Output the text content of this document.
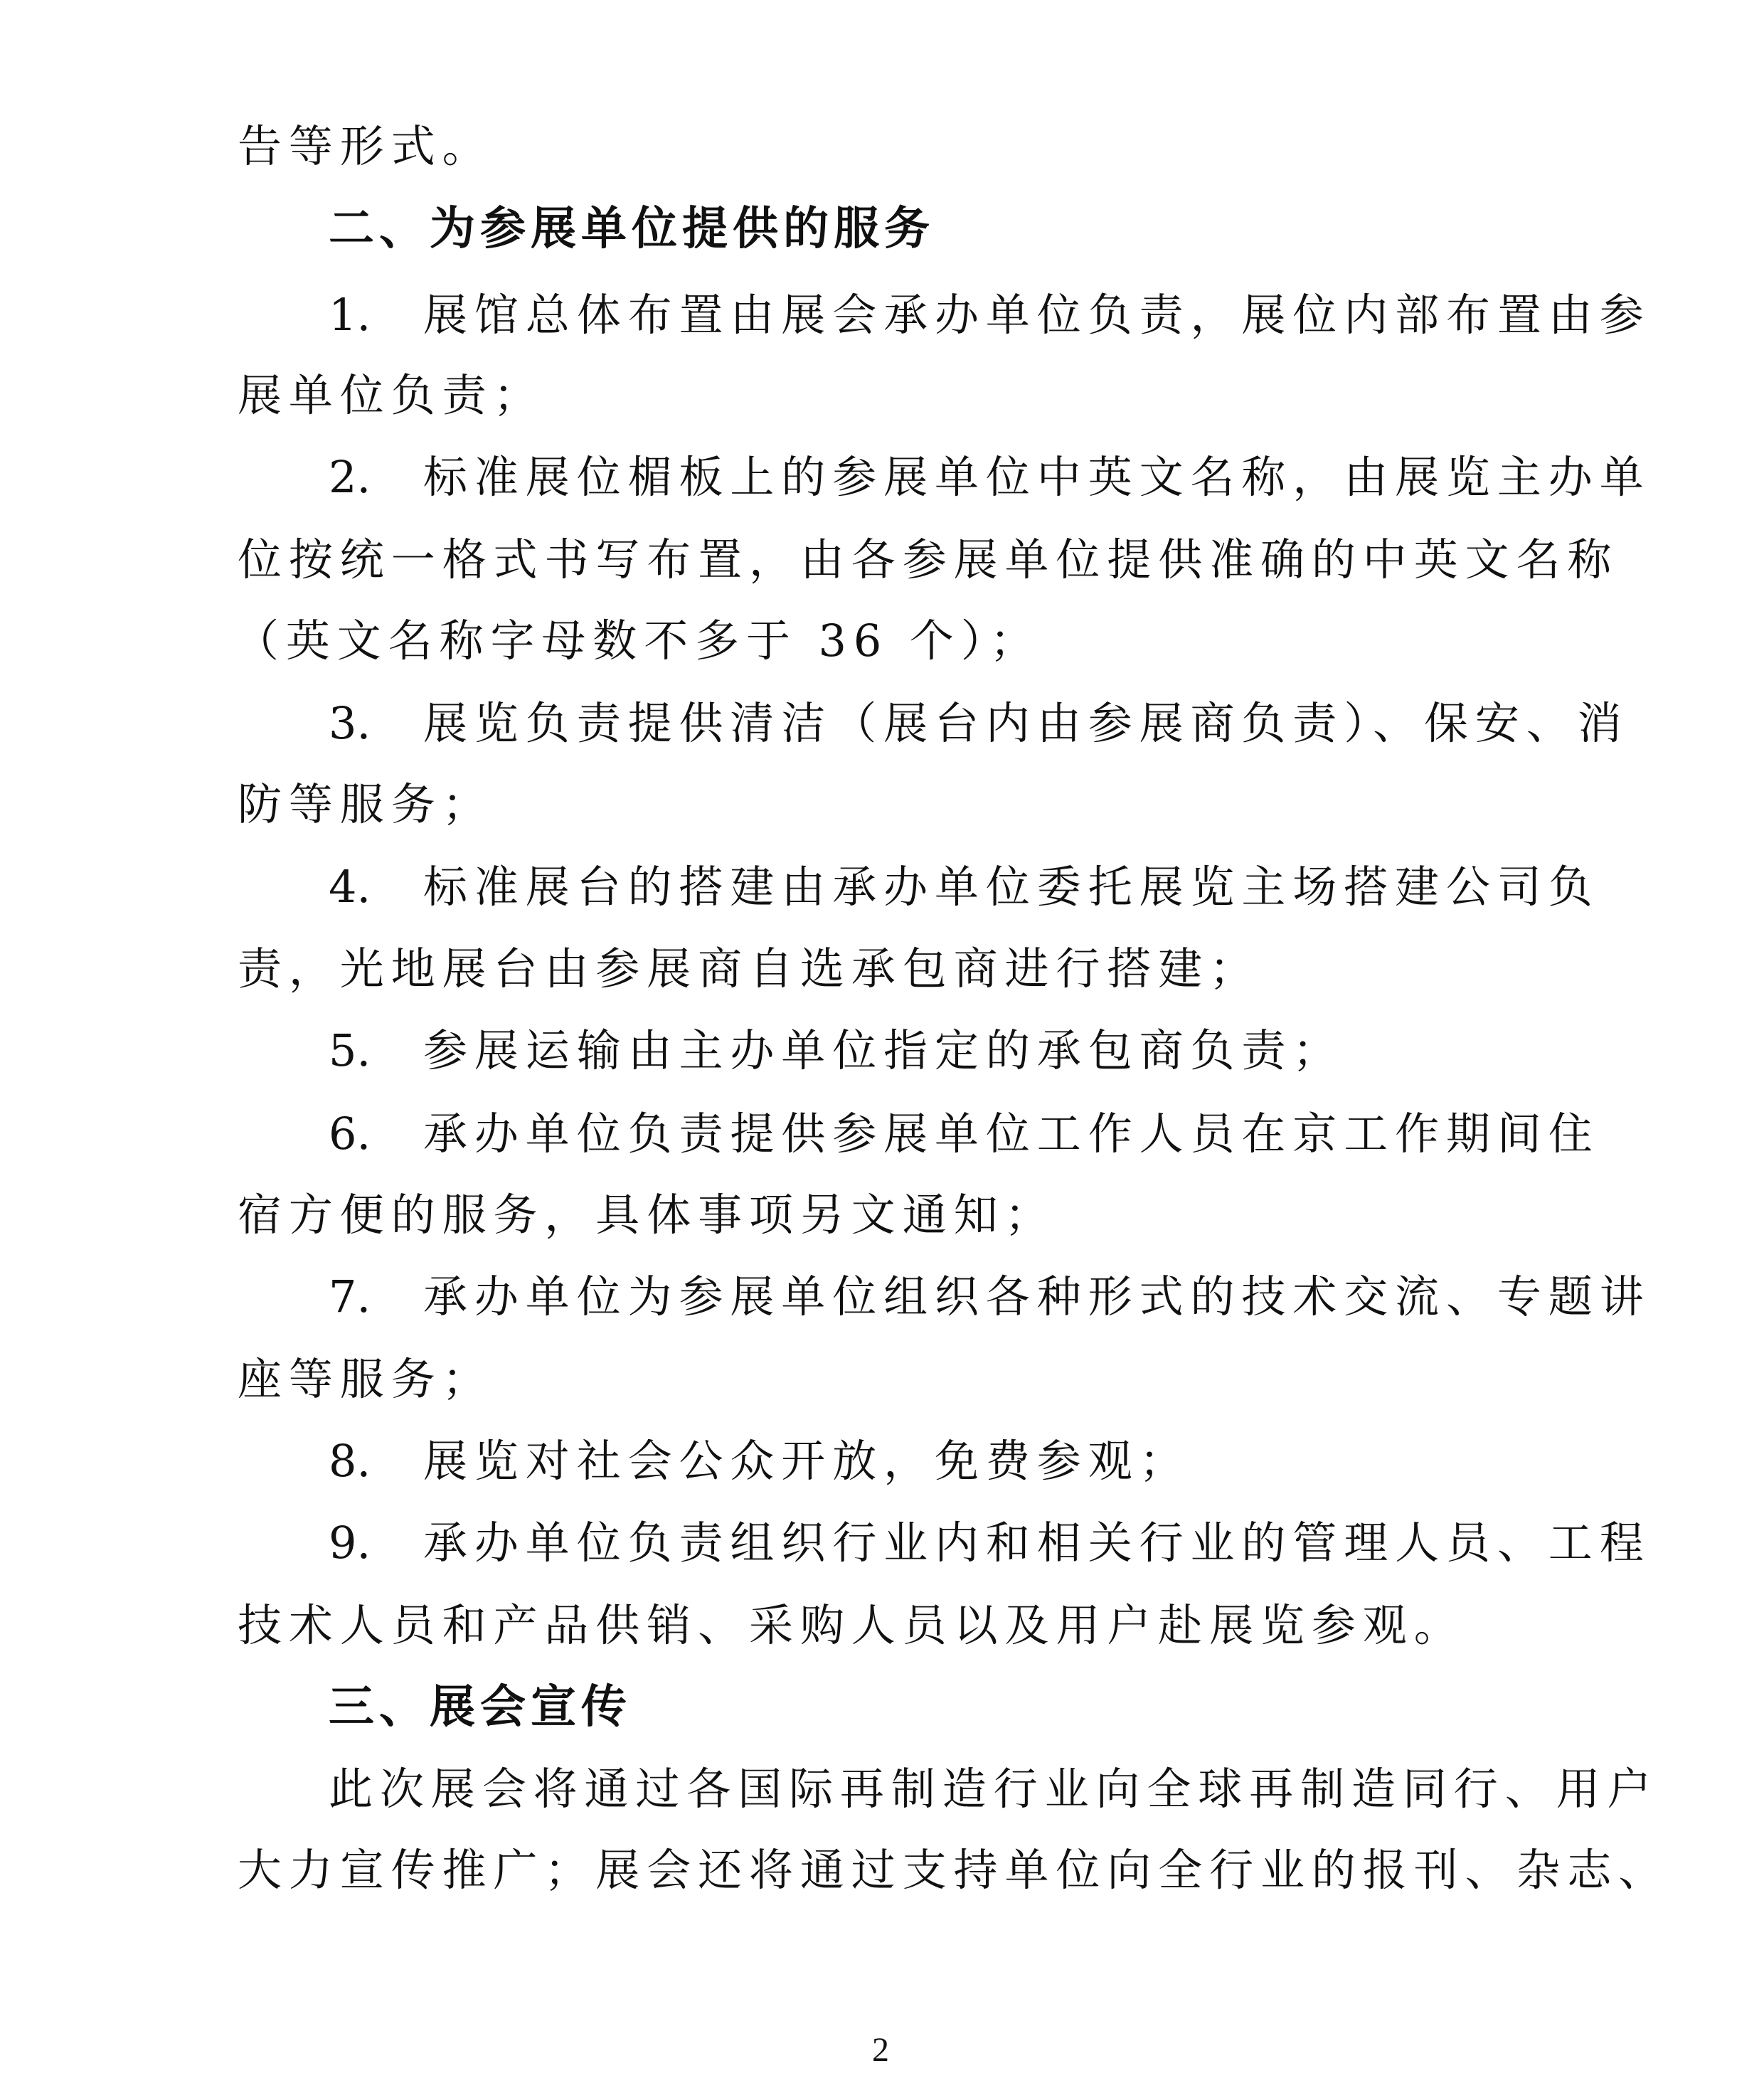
告等形式。
二、为参展单位提供的服务
1. 展馆总体布置由展会承办单位负责，展位内部布置由参
展单位负责；
2. 标准展位楣板上的参展单位中英文名称，由展览主办单
位按统一格式书写布置，由各参展单位提供准确的中英文名称
（英文名称字母数不多于 36 个）；
3. 展览负责提供清洁（展台内由参展商负责）、保安、消
防等服务；
4. 标准展台的搭建由承办单位委托展览主场搭建公司负
责，光地展台由参展商自选承包商进行搭建；
5. 参展运输由主办单位指定的承包商负责；
6. 承办单位负责提供参展单位工作人员在京工作期间住
宿方便的服务，具体事项另文通知；
7. 承办单位为参展单位组织各种形式的技术交流、专题讲
座等服务；
8. 展览对社会公众开放，免费参观；
9. 承办单位负责组织行业内和相关行业的管理人员、工程
技术人员和产品供销、采购人员以及用户赴展览参观。
三、展会宣传
此次展会将通过各国际再制造行业向全球再制造同行、用户
大力宣传推广；展会还将通过支持单位向全行业的报刊、杂志、
2
